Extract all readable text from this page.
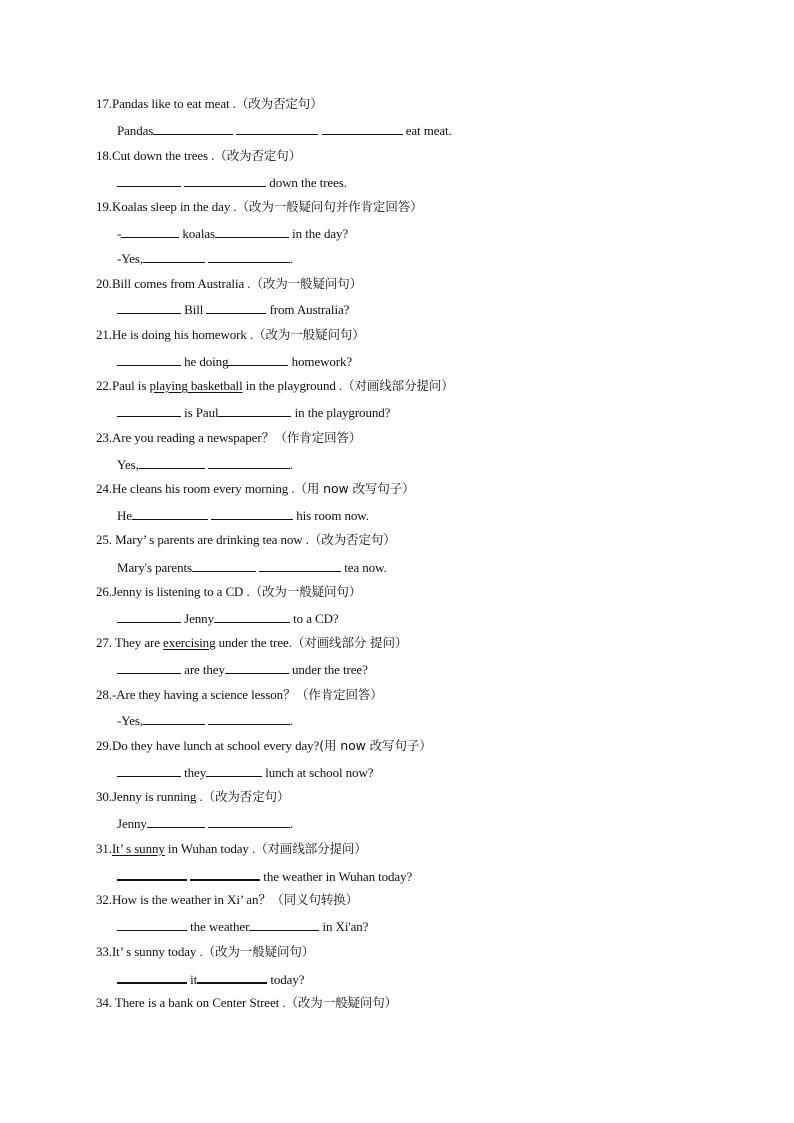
17.Pandas like to eat meat .（改为否定句）
Pandas	eat meat.
18.Cut down the trees .（改为否定句）
down the trees.
19.Koalas sleep in the day .（改为一般疑问句并作肯定回答）
-	koalas	in the day?
-Yes,	.
20.Bill comes from Australia .（改为一般疑问句）
Bill	from Australia?
21.He is doing his homework .（改为一般疑问句）
he doing	homework?
22.Paul is playing basketball in the playground .（对画线部分提问）
is Paul	in the playground?
23.Are you reading a newspaper？（作肯定回答）
Yes,	.
24.He cleans his room every morning .（用 now 改写句子）
He	his room now.
25. Mary’ s parents are drinking tea now .（改为否定句）
Mary's parents	tea now.
26.Jenny is listening to a CD .（改为一般疑问句）
Jenny	to a CD?
27. They are exercising under the tree.（对画线部分 提问）
are they	under the tree?
28.-Are they having a science lesson？（作肯定回答）
-Yes,	.
29.Do they have lunch at school every day?(用 now 改写句子）
they	lunch at school now?
30.Jenny is running .（改为否定句）
Jenny	.
31.It’ s sunny in Wuhan today .（对画线部分提问）
the weather in Wuhan today?
32.How is the weather in Xi’ an？（同义句转换）
the weather	in Xi'an?
33.It’ s sunny today .（改为一般疑问句）
it	today?
34. There is a bank on Center Street .（改为一般疑问句）
